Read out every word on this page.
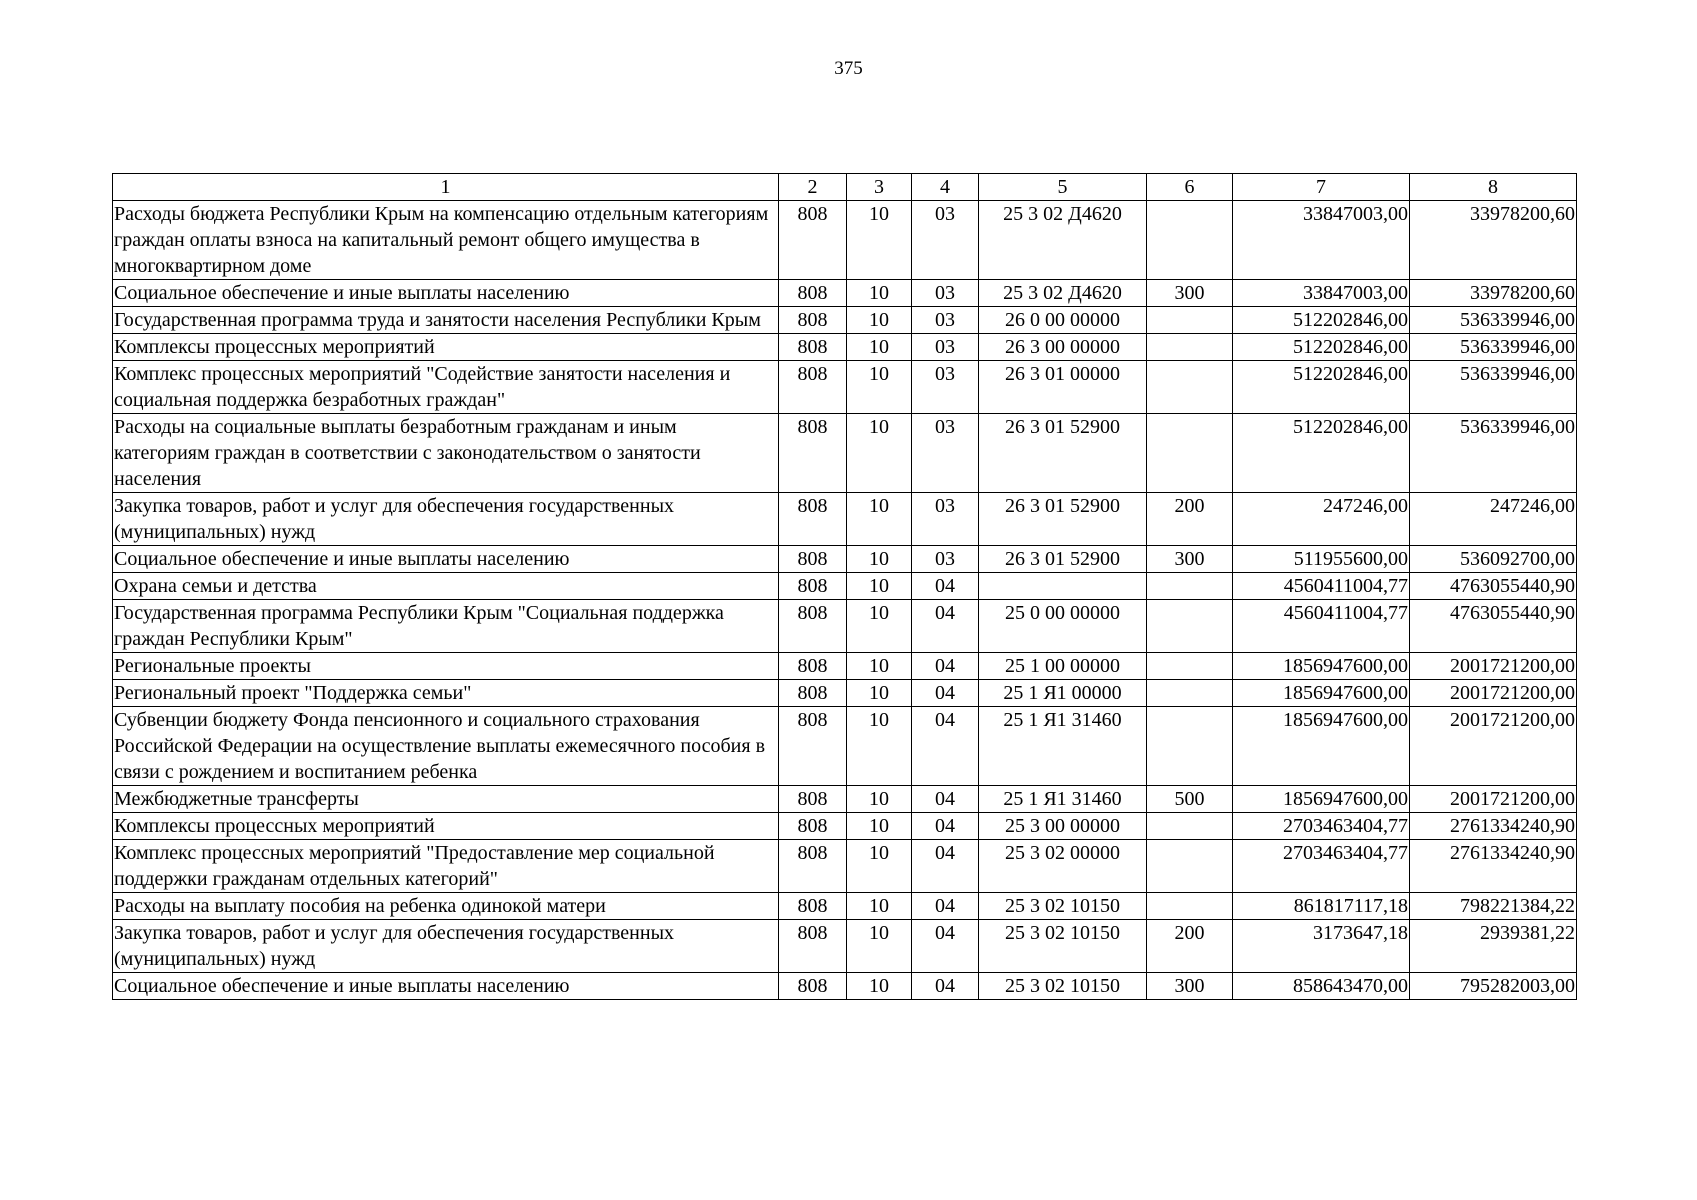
375
1	2	3	4	5	6	7	8
Расходы бюджета Республики Крым на компенсацию отдельным категориям граждан оплаты взноса на капитальный ремонт общего имущества в многоквартирном доме	808	10	03	25 3 02 Д4620		33847003,00	33978200,60
Социальное обеспечение и иные выплаты населению	808	10	03	25 3 02 Д4620	300	33847003,00	33978200,60
Государственная программа труда и занятости населения Республики Крым	808	10	03	26 0 00 00000		512202846,00	536339946,00
Комплексы процессных мероприятий	808	10	03	26 3 00 00000		512202846,00	536339946,00
Комплекс процессных мероприятий "Содействие занятости населения и социальная поддержка безработных граждан"	808	10	03	26 3 01 00000		512202846,00	536339946,00
Расходы на социальные выплаты безработным гражданам и иным категориям граждан в соответствии с законодательством о занятости населения	808	10	03	26 3 01 52900		512202846,00	536339946,00
Закупка товаров, работ и услуг для обеспечения государственных (муниципальных) нужд	808	10	03	26 3 01 52900	200	247246,00	247246,00
Социальное обеспечение и иные выплаты населению	808	10	03	26 3 01 52900	300	511955600,00	536092700,00
Охрана семьи и детства	808	10	04			4560411004,77	4763055440,90
Государственная программа Республики Крым "Социальная поддержка граждан Республики Крым"	808	10	04	25 0 00 00000		4560411004,77	4763055440,90
Региональные проекты	808	10	04	25 1 00 00000		1856947600,00	2001721200,00
Региональный проект "Поддержка семьи"	808	10	04	25 1 Я1 00000		1856947600,00	2001721200,00
Субвенции бюджету Фонда пенсионного и социального страхования Российской Федерации на осуществление выплаты ежемесячного пособия в связи с рождением и воспитанием ребенка	808	10	04	25 1 Я1 31460		1856947600,00	2001721200,00
Межбюджетные трансферты	808	10	04	25 1 Я1 31460	500	1856947600,00	2001721200,00
Комплексы процессных мероприятий	808	10	04	25 3 00 00000		2703463404,77	2761334240,90
Комплекс процессных мероприятий "Предоставление мер социальной поддержки гражданам отдельных категорий"	808	10	04	25 3 02 00000		2703463404,77	2761334240,90
Расходы на выплату пособия на ребенка одинокой матери	808	10	04	25 3 02 10150		861817117,18	798221384,22
Закупка товаров, работ и услуг для обеспечения государственных (муниципальных) нужд	808	10	04	25 3 02 10150	200	3173647,18	2939381,22
Социальное обеспечение и иные выплаты населению	808	10	04	25 3 02 10150	300	858643470,00	795282003,00
